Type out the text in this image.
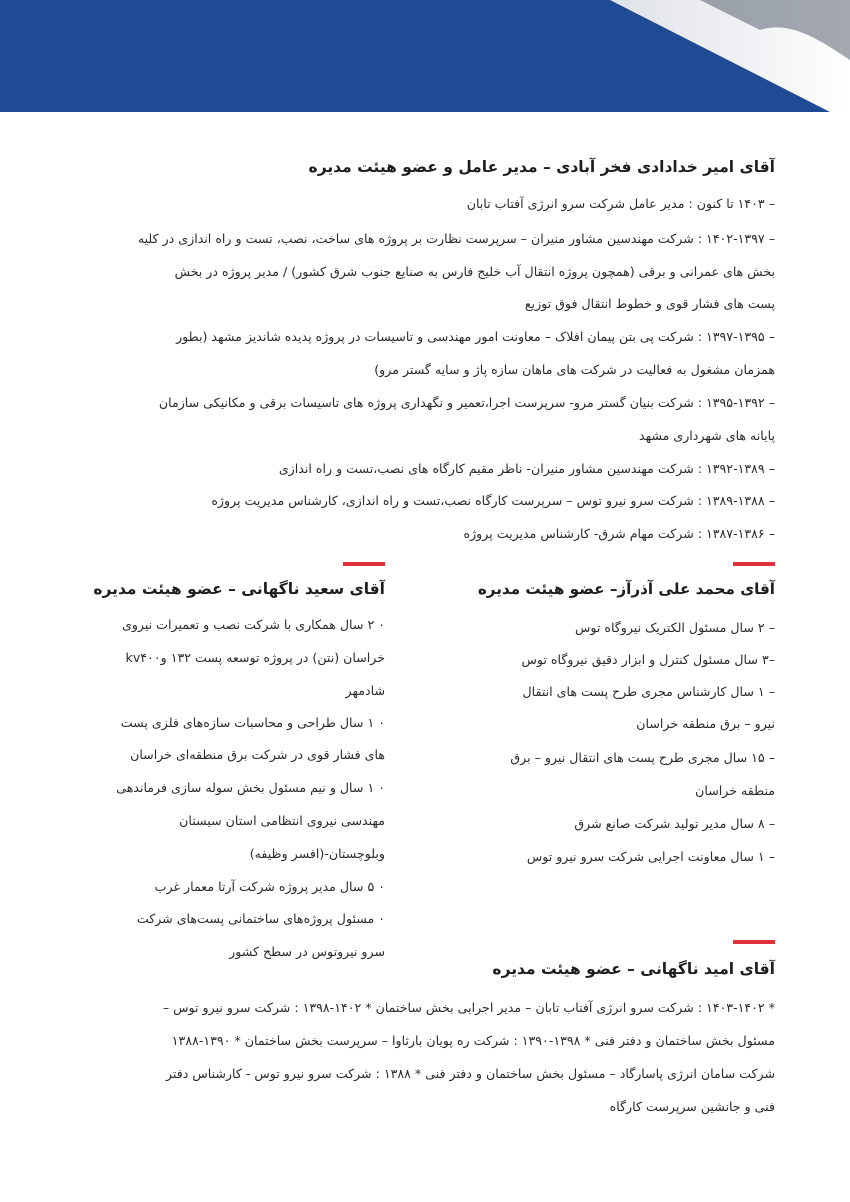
آقای امیر خدادادی فخر آبادی – مدیر عامل و عضو هیئت مدیره
– ۱۴۰۳ تا کنون : مدیر عامل شرکت سرو انرژی آفتاب تابان
– ۱۴۰۲-۱۳۹۷ : شرکت مهندسین مشاور منیران – سرپرست نظارت بر پروژه های ساخت، نصب، تست و راه اندازی در کلیه
بخش های عمرانی و برقی (همچون پروژه انتقال آب خلیج فارس به صنایع جنوب شرق کشور) / مدیر پروژه در بخش
پست های فشار قوی و خطوط انتقال فوق توزیع
– ۱۳۹۷-۱۳۹۵ : شرکت پی بتن پیمان افلاک – معاونت امور مهندسی و تاسیسات در پروژه پدیده شاندیز مشهد (بطور
همزمان مشغول به فعالیت در شرکت های ماهان سازه پاژ و سایه گستر مرو)
– ۱۳۹۵-۱۳۹۲ : شرکت بنیان گستر مرو- سرپرست اجرا،تعمیر و نگهداری پروژه های تاسیسات برقی و مکانیکی سازمان
پایانه های شهرداری مشهد
– ۱۳۹۲-۱۳۸۹ : شرکت مهندسین مشاور منیران- ناظر مقیم کارگاه های نصب،تست و راه اندازی
– ۱۳۸۹-۱۳۸۸ : شرکت سرو نیرو توس – سرپرست کارگاه نصب،تست و راه اندازی، کارشناس مدیریت پروژه
– ۱۳۸۷-۱۳۸۶ : شرکت مهام شرق- کارشناس مدیریت پروژه
آقای محمد علی آذرآز– عضو هیئت مدیره
– ۲ سال مسئول الکتریک نیروگاه توس
–۳ سال مسئول کنترل و ابزار دقیق نیروگاه توس
– ۱ سال کارشناس مجری طرح پست های انتقال
نیرو – برق منطقه خراسان
– ۱۵ سال مجری طرح پست های انتقال نیرو – برق
منطقه خراسان
– ۸ سال مدیر تولید شرکت صانع شرق
– ۱ سال معاونت اجرایی شرکت سرو نیرو توس
آقای سعید ناگهانی – عضو هیئت مدیره
٠ ۲ سال همکاری با شرکت نصب و تعمیرات نیروی
خراسان (نتن) در پروژه توسعه پست ۱۳۲ وkv۴۰۰
شادمهر
٠ ۱ سال طراحی و محاسبات سازه‌های فلزی پست
های فشار قوی در شرکت برق منطقه‌ای خراسان
٠ ۱ سال و نیم مسئول بخش سوله سازی فرماندهی
مهندسی نیروی انتظامی استان سیستان
وبلوچستان-(افسر وظیفه)
٠ ۵ سال مدیر پروژه شرکت آرتا معمار غرب
٠ مسئول پروژه‌های ساختمانی پست‌های شرکت
سرو نیروتوس در سطح کشور
آقای امید ناگهانی – عضو هیئت مدیره
* ۱۴۰۳-۱۴۰۲ : شرکت سرو انرژی آفتاب تابان – مدیر اجرایی بخش ساختمان * ۱۴۰۲-۱۳۹۸ : شرکت سرو نیرو توس –
مسئول بخش ساختمان و دفتر فنی * ۱۳۹۸-۱۳۹۰ : شرکت ره پویان بارثاوا – سرپرست بخش ساختمان * ۱۳۹۰-۱۳۸۸
شرکت سامان انرژی پاسارگاد – مسئول بخش ساختمان و دفتر فنی * ۱۳۸۸ : شرکت سرو نیرو توس - کارشناس دفتر
فنی و جانشین سرپرست کارگاه
